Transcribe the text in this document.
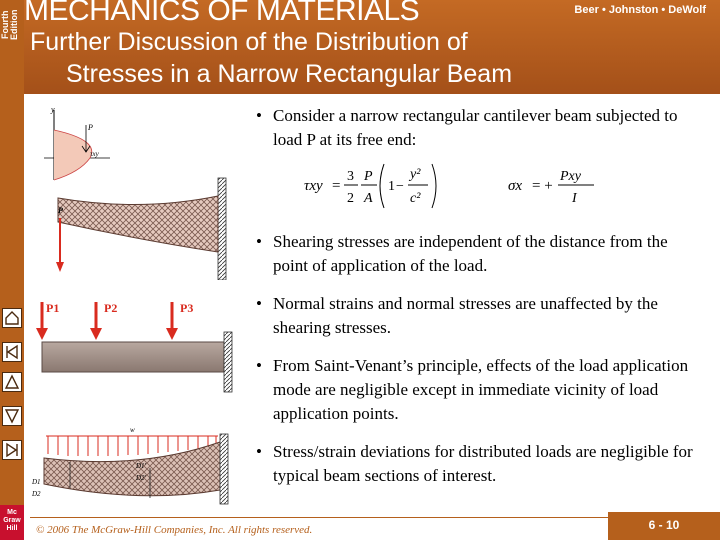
Fourth Edition
Mc
Graw
Hill
MECHANICS OF MATERIALS	Beer • Johnston • DeWolf
Further Discussion of the Distribution of
Stresses in a Narrow Rectangular Beam
y
P
τxy
P
P1	P2	P3
w
D1
D2
D1'
D2'
• Consider a narrow rectangular cantilever beam subjected to load P at its free end:
• Shearing stresses are independent of the distance from the point of application of the load.
• Normal strains and normal stresses are unaffected by the shearing stresses.
• From Saint-Venant’s principle, effects of the load application mode are negligible except in immediate vicinity of load application points.
• Stress/strain deviations for distributed loads are negligible for typical beam sections of interest.
τxy =
3
2
P
A
1 −
y²
c²
σx = +
Pxy
I
© 2006 The McGraw-Hill Companies, Inc. All rights reserved.	6 - 10
